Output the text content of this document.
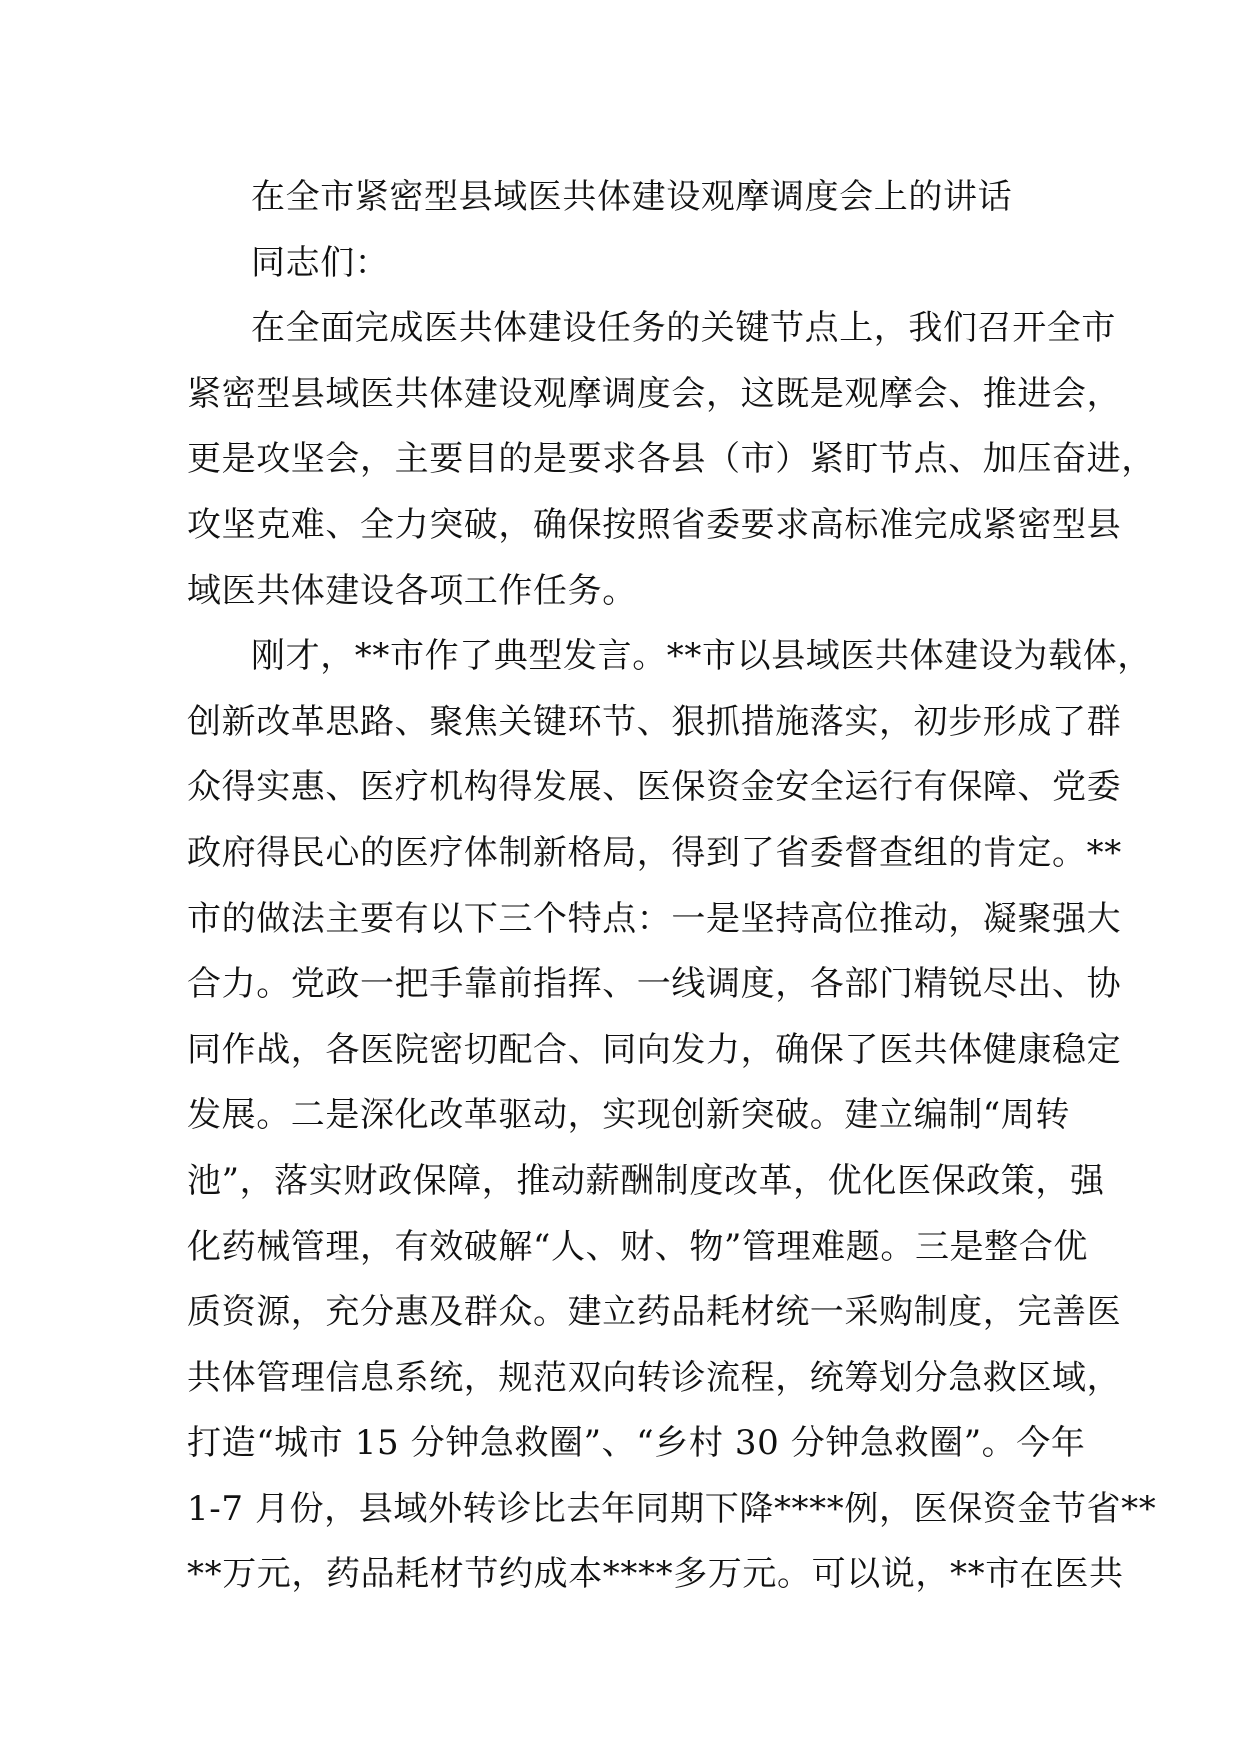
在全市紧密型县域医共体建设观摩调度会上的讲话
同志们：
在全面完成医共体建设任务的关键节点上，我们召开全市
紧密型县域医共体建设观摩调度会，这既是观摩会、推进会，
更是攻坚会，主要目的是要求各县（市）紧盯节点、加压奋进，
攻坚克难、全力突破，确保按照省委要求高标准完成紧密型县
域医共体建设各项工作任务。
刚才，**市作了典型发言。**市以县域医共体建设为载体，
创新改革思路、聚焦关键环节、狠抓措施落实，初步形成了群
众得实惠、医疗机构得发展、医保资金安全运行有保障、党委
政府得民心的医疗体制新格局，得到了省委督查组的肯定。**
市的做法主要有以下三个特点：一是坚持高位推动，凝聚强大
合力。党政一把手靠前指挥、一线调度，各部门精锐尽出、协
同作战，各医院密切配合、同向发力，确保了医共体健康稳定
发展。二是深化改革驱动，实现创新突破。建立编制“周转
池”，落实财政保障，推动薪酬制度改革，优化医保政策，强
化药械管理，有效破解“人、财、物”管理难题。三是整合优
质资源，充分惠及群众。建立药品耗材统一采购制度，完善医
共体管理信息系统，规范双向转诊流程，统筹划分急救区域，
打造“城市 15 分钟急救圈”、“乡村 30 分钟急救圈”。今年
1-7 月份，县域外转诊比去年同期下降****例，医保资金节省**
**万元，药品耗材节约成本****多万元。可以说，**市在医共
